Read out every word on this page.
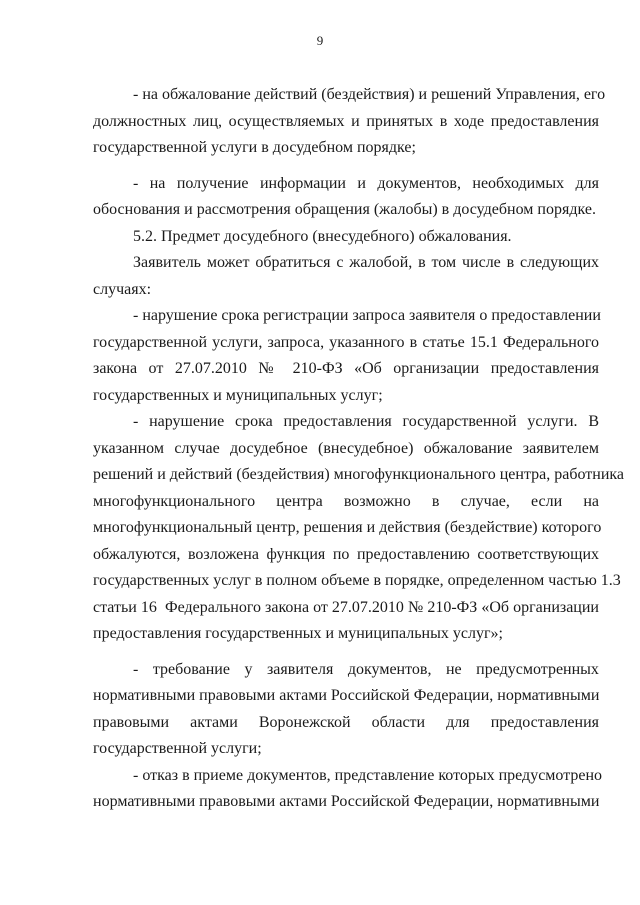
9

- на обжалование действий (бездействия) и решений Управления, его

должностных лиц, осуществляемых и принятых в ходе предоставления

государственной услуги в досудебном порядке;

- на получение информации и документов, необходимых для

обоснования и рассмотрения обращения (жалобы) в досудебном порядке.

5.2. Предмет досудебного (внесудебного) обжалования.

Заявитель может обратиться с жалобой, в том числе в следующих

случаях:

- нарушение срока регистрации запроса заявителя о предоставлении

государственной услуги, запроса, указанного в статье 15.1 Федерального

закона от 27.07.2010 № 210-ФЗ «Об организации предоставления

государственных и муниципальных услуг;

- нарушение срока предоставления государственной услуги. В

указанном случае досудебное (внесудебное) обжалование заявителем

решений и действий (бездействия) многофункционального центра, работника

многофункционального центра возможно в случае, если на

многофункциональный центр, решения и действия (бездействие) которого

обжалуются, возложена функция по предоставлению соответствующих

государственных услуг в полном объеме в порядке, определенном частью 1.3

статьи 16  Федерального закона от 27.07.2010 № 210-ФЗ «Об организации

предоставления государственных и муниципальных услуг»;

- требование у заявителя документов, не предусмотренных

нормативными правовыми актами Российской Федерации, нормативными

правовыми актами Воронежской области для предоставления

государственной услуги;

- отказ в приеме документов, представление которых предусмотрено

нормативными правовыми актами Российской Федерации, нормативными
